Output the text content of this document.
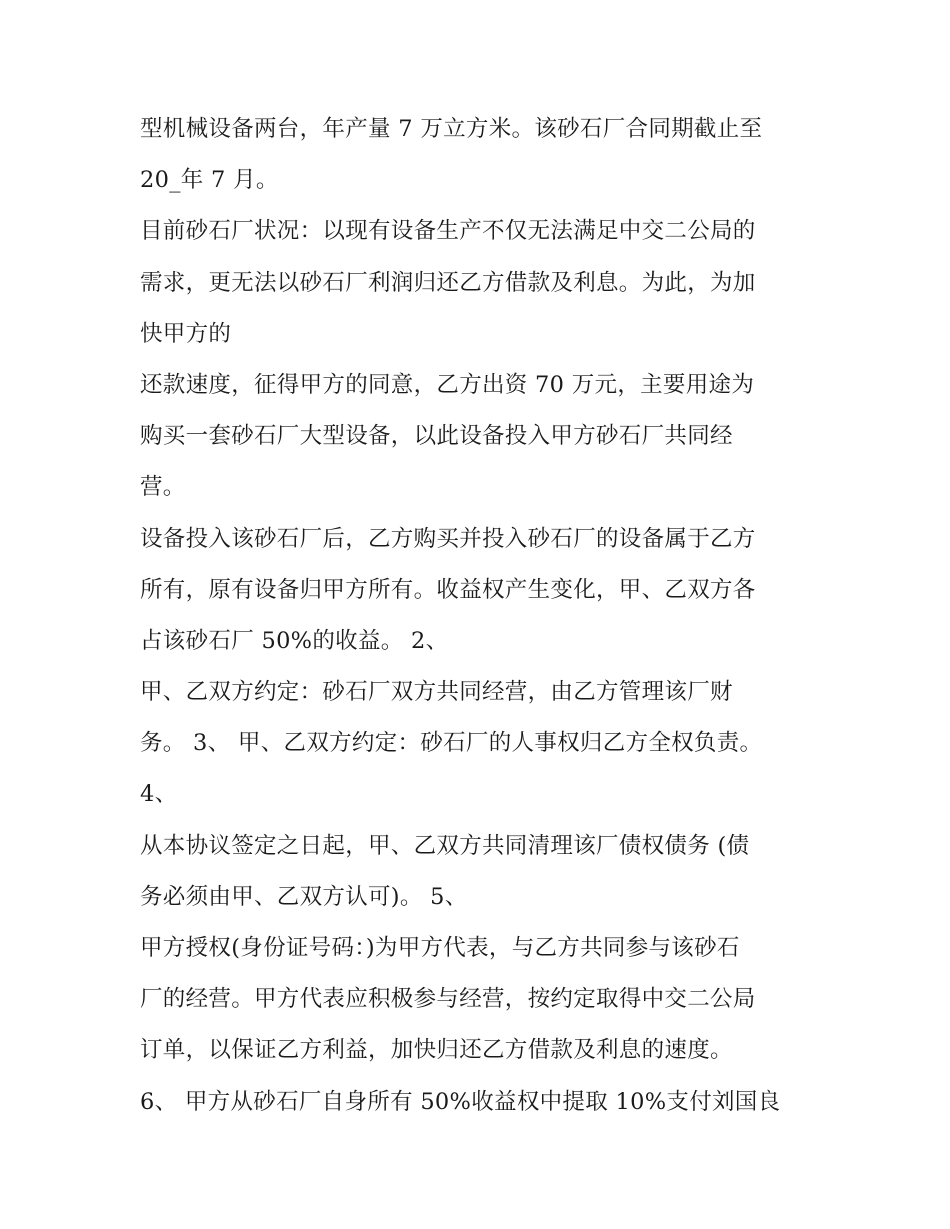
型机械设备两台，年产量 7 万立方米。该砂石厂合同期截止至
20_年 7 月。
目前砂石厂状况：以现有设备生产不仅无法满足中交二公局的
需求，更无法以砂石厂利润归还乙方借款及利息。为此，为加
快甲方的
还款速度，征得甲方的同意，乙方出资 70 万元，主要用途为
购买一套砂石厂大型设备，以此设备投入甲方砂石厂共同经
营。
设备投入该砂石厂后，乙方购买并投入砂石厂的设备属于乙方
所有，原有设备归甲方所有。收益权产生变化，甲、乙双方各
占该砂石厂 50%的收益。 2、
甲、乙双方约定：砂石厂双方共同经营，由乙方管理该厂财
务。 3、 甲、乙双方约定：砂石厂的人事权归乙方全权负责。
4、
从本协议签定之日起，甲、乙双方共同清理该厂债权债务 (债
务必须由甲、乙双方认可)。 5、
甲方授权(身份证号码：)为甲方代表，与乙方共同参与该砂石
厂的经营。甲方代表应积极参与经营，按约定取得中交二公局
订单，以保证乙方利益，加快归还乙方借款及利息的速度。
6、 甲方从砂石厂自身所有 50%收益权中提取 10%支付刘国良
